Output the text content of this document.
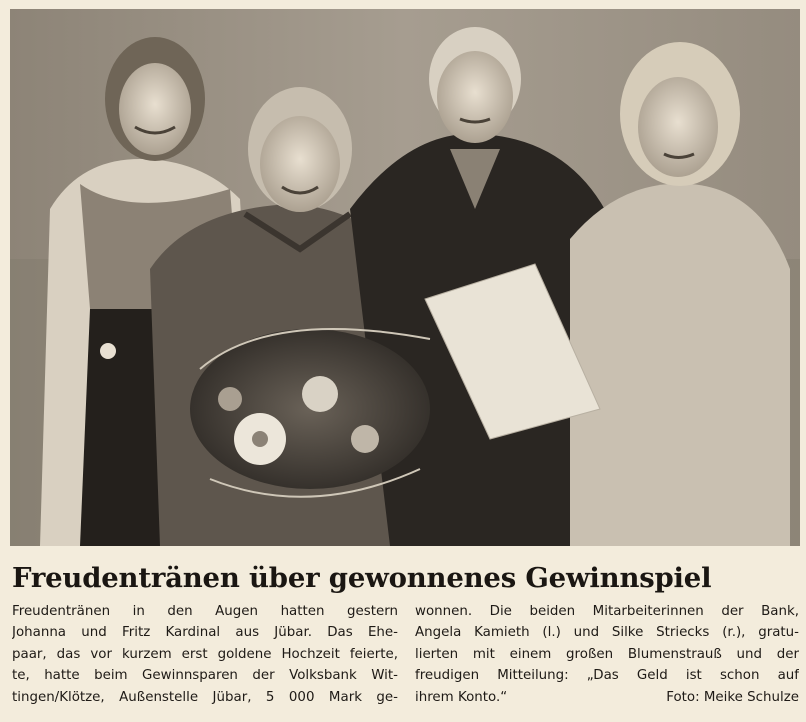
Freudentränen über gewonnenes Gewinnspiel
Freudentränen in den Augen hatten gestern
Johanna und Fritz Kardinal aus Jübar. Das Ehe-
paar, das vor kurzem erst goldene Hochzeit feierte,
te, hatte beim Gewinnsparen der Volksbank Wit-
tingen/Klötze, Außenstelle Jübar, 5 000 Mark ge-
wonnen. Die beiden Mitarbeiterinnen der Bank,
Angela Kamieth (l.) und Silke Striecks (r.), gratu-
lierten mit einem großen Blumenstrauß und der
freudigen Mitteilung: „Das Geld ist schon auf
ihrem Konto.“	Foto: Meike Schulze
